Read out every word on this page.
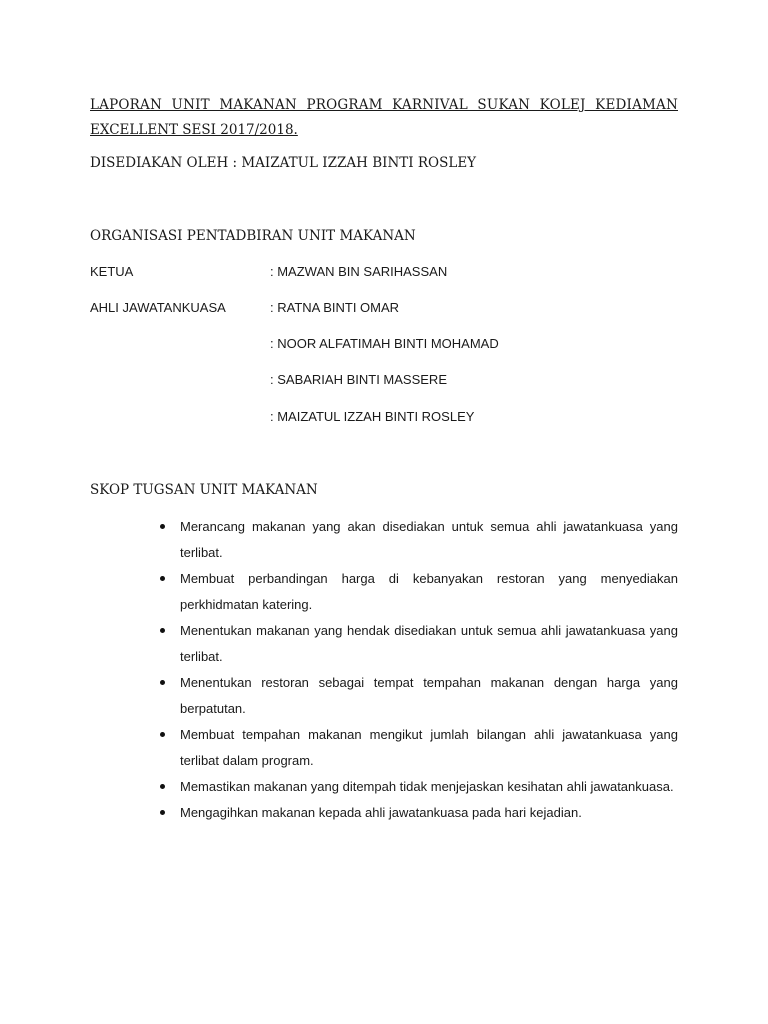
LAPORAN UNIT MAKANAN PROGRAM KARNIVAL SUKAN KOLEJ KEDIAMAN
EXCELLENT SESI 2017/2018.
DISEDIAKAN OLEH : MAIZATUL IZZAH BINTI ROSLEY
ORGANISASI PENTADBIRAN UNIT MAKANAN
KETUA	: MAZWAN BIN SARIHASSAN
AHLI JAWATANKUASA	: RATNA BINTI OMAR
: NOOR ALFATIMAH BINTI MOHAMAD
: SABARIAH BINTI MASSERE
: MAIZATUL IZZAH BINTI ROSLEY
SKOP TUGSAN UNIT MAKANAN
Merancang makanan yang akan disediakan untuk semua ahli jawatankuasa yang terlibat.
Membuat perbandingan harga di kebanyakan restoran yang menyediakan perkhidmatan katering.
Menentukan makanan yang hendak disediakan untuk semua ahli jawatankuasa yang terlibat.
Menentukan restoran sebagai tempat tempahan makanan dengan harga yang berpatutan.
Membuat tempahan makanan mengikut jumlah bilangan ahli jawatankuasa yang terlibat dalam program.
Memastikan makanan yang ditempah tidak menjejaskan kesihatan ahli jawatankuasa.
Mengagihkan makanan kepada ahli jawatankuasa pada hari kejadian.
